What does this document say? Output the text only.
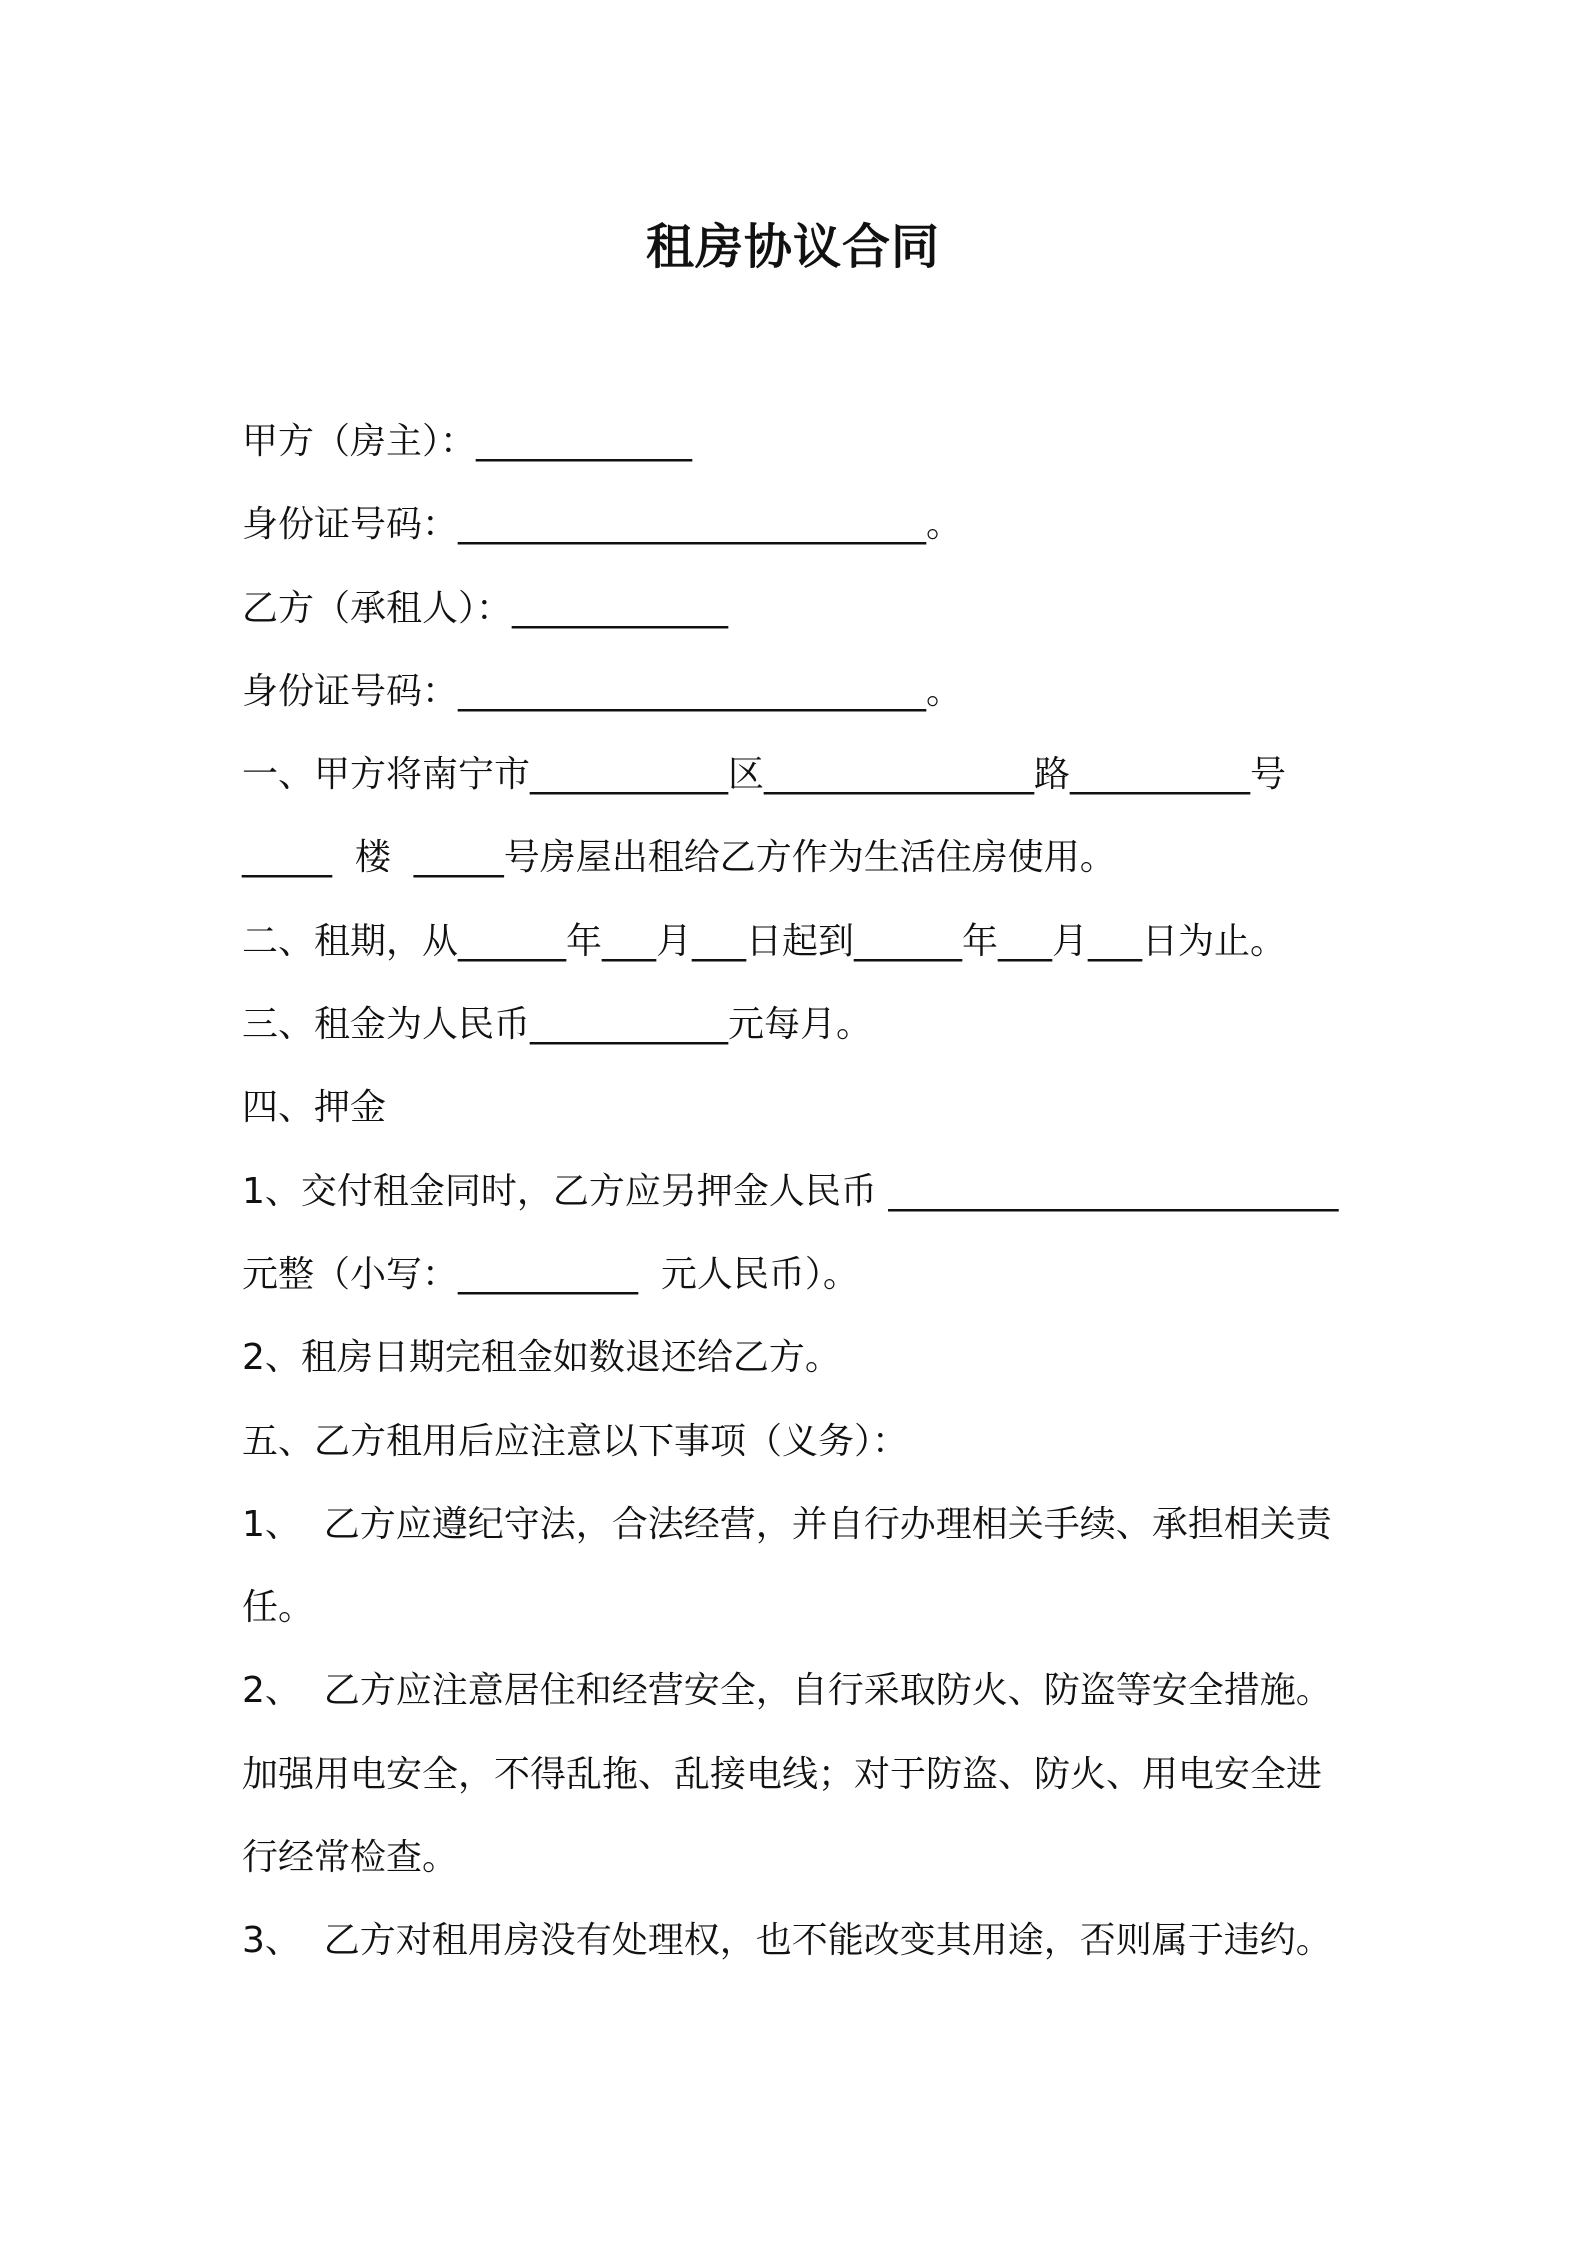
租房协议合同
甲方（房主）：____________
身份证号码：__________________________。
乙方（承租人）：____________
身份证号码：__________________________。
一、甲方将南宁市___________区_______________路__________号
_____  楼  _____号房屋出租给乙方作为生活住房使用。
二、租期，从______年___月___日起到______年___月___日为止。
三、租金为人民币___________元每月。
四、押金
1、交付租金同时，乙方应另押金人民币 _________________________
元整（小写：__________  元人民币）。
2、租房日期完租金如数退还给乙方。
五、乙方租用后应注意以下事项（义务）：
1、  乙方应遵纪守法，合法经营，并自行办理相关手续、承担相关责
任。
2、  乙方应注意居住和经营安全，自行采取防火、防盗等安全措施。
加强用电安全，不得乱拖、乱接电线；对于防盗、防火、用电安全进
行经常检查。
3、  乙方对租用房没有处理权，也不能改变其用途，否则属于违约。
